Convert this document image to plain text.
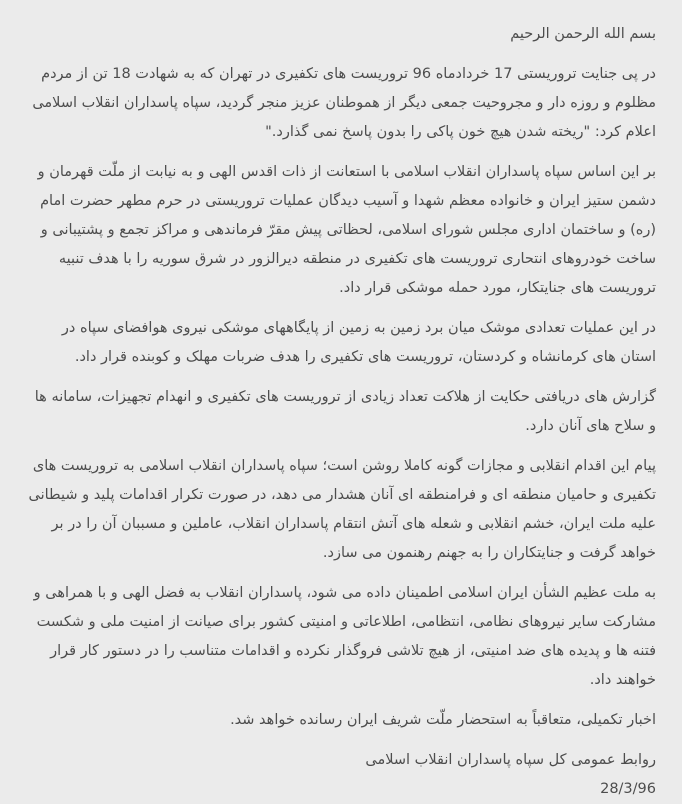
بسم الله الرحمن الرحیم

در پی جنایت تروریستی 17 خردادماه 96 تروریست های تکفیری در تهران که به شهادت 18 تن از مردم مظلوم و روزه دار و مجروحیت جمعی دیگر از هموطنان عزیز منجر گردید، سپاه پاسداران انقلاب اسلامی اعلام کرد: "ریخته شدن هیچ خون پاکی را بدون پاسخ نمی گذارد."

بر این اساس سپاه پاسداران انقلاب اسلامی با استعانت از ذات اقدس الهی و به نیابت از ملّت قهرمان و دشمن ستیز ایران و خانواده معظم شهدا و آسیب دیدگان عملیات تروریستی در حرم مطهر حضرت امام (ره) و ساختمان اداری مجلس شورای اسلامی، لحظاتی پیش مقرّ فرماندهی و مراکز تجمع و پشتیبانی و ساخت خودروهای انتحاری تروریست های تکفیری در منطقه دیرالزور در شرق سوریه را با هدف تنبیه تروریست های جنایتکار، مورد حمله موشکی قرار داد.

در این عملیات تعدادی موشک میان برد زمین به زمین از پایگاههای موشکی نیروی هوافضای سپاه در استان های کرمانشاه و کردستان، تروریست های تکفیری را هدف ضربات مهلک و کوبنده قرار داد.

گزارش های دریافتی حکایت از هلاکت تعداد زیادی از تروریست های تکفیری و انهدام تجهیزات، سامانه ها و سلاح های آنان دارد.

پیام این اقدام انقلابی و مجازات گونه کاملا روشن است؛ سپاه پاسداران انقلاب اسلامی به تروریست های تکفیری و حامیان منطقه ای و فرامنطقه ای آنان هشدار می دهد، در صورت تکرار اقدامات پلید و شیطانی علیه ملت ایران، خشم انقلابی و شعله های آتش انتقام پاسداران انقلاب، عاملین و مسببان آن را در بر خواهد گرفت و جنایتکاران را به جهنم رهنمون می سازد.

به ملت عظیم الشأن ایران اسلامی اطمینان داده می شود، پاسداران انقلاب به فضل الهی و با همراهی و مشارکت سایر نیروهای نظامی، انتظامی، اطلاعاتی و امنیتی کشور برای صیانت از امنیت ملی و شکست فتنه ها و پدیده های ضد امنیتی، از هیچ تلاشی فروگذار نکرده و اقدامات متناسب را در دستور کار قرار خواهند داد.

اخبار تکمیلی، متعاقباً به استحضار ملّت شریف ایران رسانده خواهد شد.

روابط عمومی کل سپاه پاسداران انقلاب اسلامی

28/3/96
